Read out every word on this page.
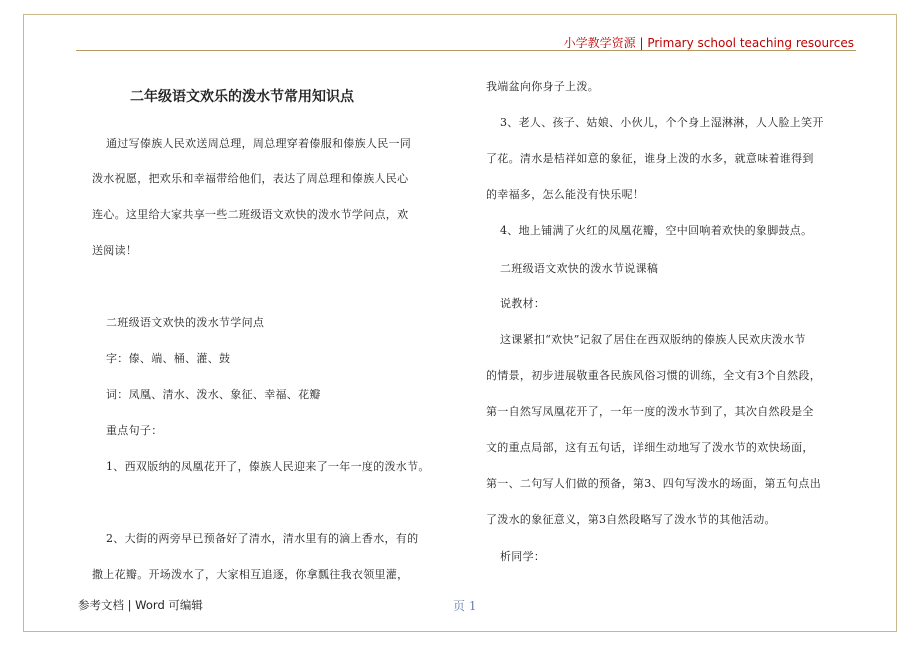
小学教学资源 | Primary school teaching resources
二年级语文欢乐的泼水节常用知识点
通过写傣族人民欢送周总理，周总理穿着傣服和傣族人民一同
泼水祝愿，把欢乐和幸福带给他们，表达了周总理和傣族人民心
连心。这里给大家共享一些二班级语文欢快的泼水节学问点，欢
送阅读！
二班级语文欢快的泼水节学问点
字：傣、端、桶、灌、鼓
词：凤凰、清水、泼水、象征、幸福、花瓣
重点句子：
1、西双版纳的凤凰花开了，傣族人民迎来了一年一度的泼水节。
2、大街的两旁早已预备好了清水，清水里有的滴上香水，有的
撒上花瓣。开场泼水了，大家相互追逐，你拿瓢往我衣领里灌，
我端盆向你身子上泼。
3、老人、孩子、姑娘、小伙儿，个个身上湿淋淋，人人脸上笑开
了花。清水是桔祥如意的象征，谁身上泼的水多，就意味着谁得到
的幸福多，怎么能没有快乐呢！
4、地上铺满了火红的凤凰花瓣，空中回响着欢快的象脚鼓点。
二班级语文欢快的泼水节说课稿
说教材：
这课紧扣“欢快”记叙了居住在西双版纳的傣族人民欢庆泼水节
的情景，初步进展敬重各民族风俗习惯的训练，全文有3个自然段，
第一自然写凤凰花开了，一年一度的泼水节到了，其次自然段是全
文的重点局部，这有五句话，详细生动地写了泼水节的欢快场面，
第一、二句写人们做的预备，第3、四句写泼水的场面，第五句点出
了泼水的象征意义，第3自然段略写了泼水节的其他活动。
析同学：
参考文档 | Word 可编辑	页 1
